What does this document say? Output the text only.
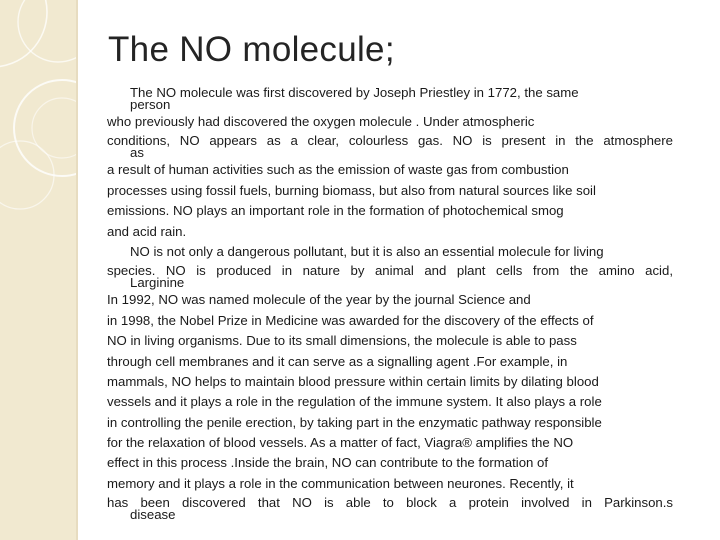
The NO molecule;
The NO molecule was first discovered by Joseph Priestley in 1772, the same
person
who previously had discovered the oxygen molecule . Under atmospheric
conditions, NO appears as a clear, colourless gas. NO is present in the atmosphere
as
a result of human activities such as the emission of waste gas from combustion
processes using fossil fuels, burning biomass, but also from natural sources like soil
emissions. NO plays an important role in the formation of photochemical smog
and acid rain.
NO is not only a dangerous pollutant, but it is also an essential molecule for living
species. NO is produced in nature by animal and plant cells from the amino acid,
Larginine
In 1992, NO was named molecule of the year by the journal Science and
in 1998, the Nobel Prize in Medicine was awarded for the discovery of the effects of
NO in living organisms. Due to its small dimensions, the molecule is able to pass
through cell membranes and it can serve as a signalling agent .For example, in
mammals, NO helps to maintain blood pressure within certain limits by dilating blood
vessels and it plays a role in the regulation of the immune system. It also plays a role
in controlling the penile erection, by taking part in the enzymatic pathway responsible
for the relaxation of blood vessels. As a matter of fact, Viagra® amplifies the NO
effect in this process .Inside the brain, NO can contribute to the formation of
memory and it plays a role in the communication between neurones. Recently, it
has been discovered that NO is able to block a protein involved in Parkinson.s
disease
